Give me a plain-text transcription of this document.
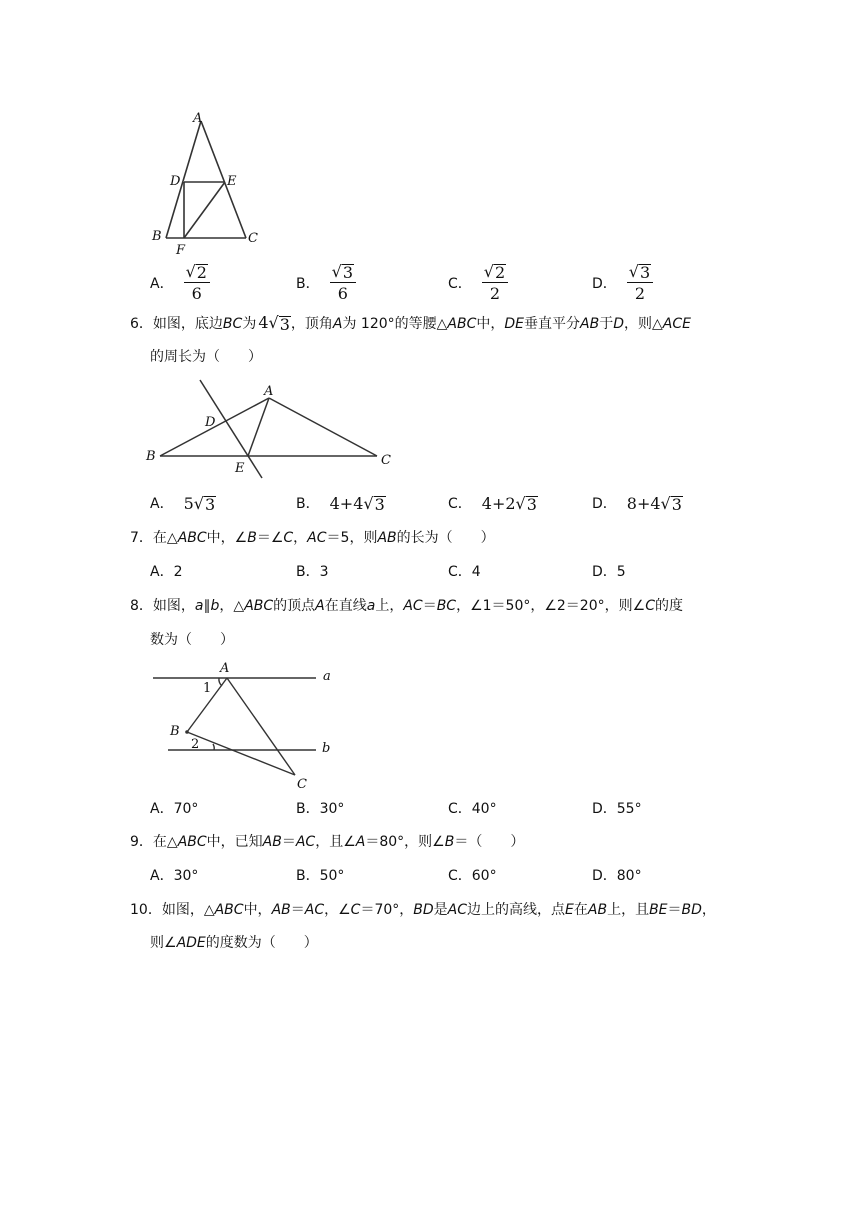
A
D	E
B
F
C
A． $\frac{√ 2}{6}$	B． $\frac{√ 3}{6}$	C． $\frac{√ 2}{2}$	D． $\frac{√ 3}{2}$
6．如图，底边BC为 4 √ 3 ，顶角A为 120°的等腰△ABC中，DE垂直平分AB于D，则△ACE
的周长为（　　）
A
D
B
E
C
A． 5 √ 3	B． 4+4 √ 3	C． 4+2 √ 3	D． 8+4 √ 3
7．在△ABC中，∠B＝∠C，AC＝5，则AB的长为（　　）
A．2	B．3	C．4	D．5
8．如图，a∥b，△ABC的顶点A在直线a上，AC＝BC，∠1＝50°，∠2＝20°，则∠C的度
数为（　　）
A
a
1
B
2	b
C
A．70°	B．30°	C．40°	D．55°
9．在△ABC中，已知AB＝AC，且∠A＝80°，则∠B＝（　　）
A．30°	B．50°	C．60°	D．80°
10．如图，△ABC中，AB＝AC，∠C＝70°，BD是AC边上的高线，点E在AB上，且BE＝BD，
则∠ADE的度数为（　　）
